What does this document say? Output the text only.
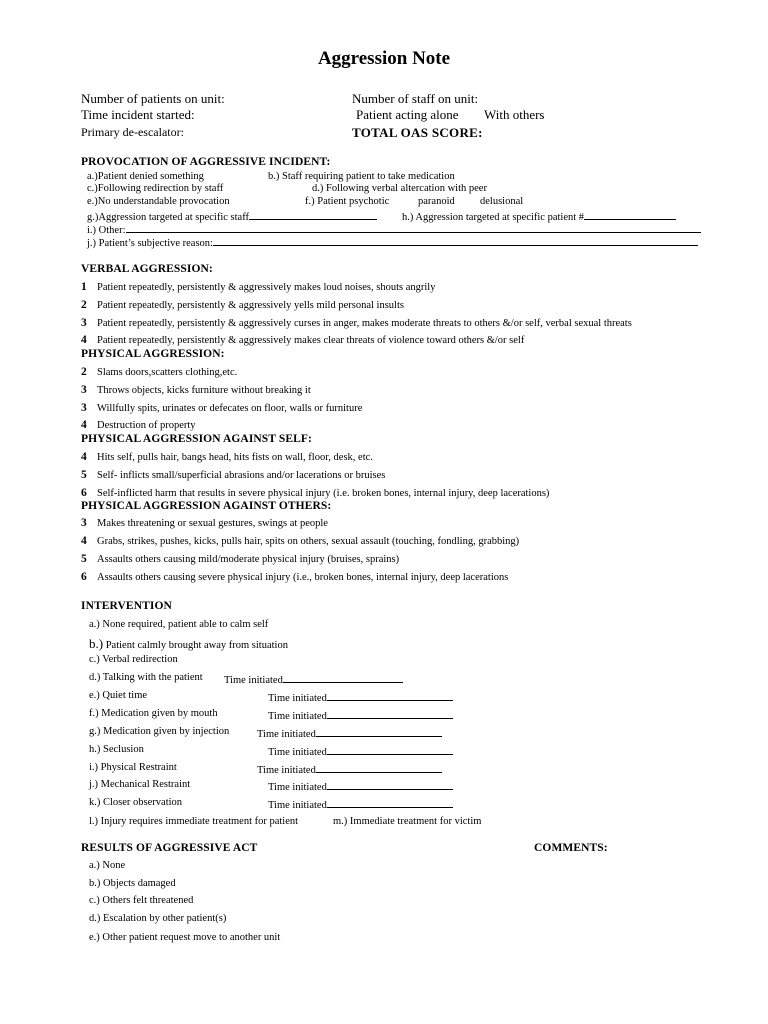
Aggression Note
Number of patients on unit:	Number of staff on unit:
Time incident started:	Patient acting alone With others
Primary de-escalator:	TOTAL OAS SCORE:
PROVOCATION OF AGGRESSIVE INCIDENT:
a.)Patient denied something	b.) Staff requiring patient to take medication
c.)Following redirection by staff	d.) Following verbal altercation with peer
e.)No understandable provocation	f.) Patient psychotic	paranoid delusional
g.)Aggression targeted at specific staff	h.) Aggression targeted at specific patient #
i.) Other:
j.) Patient’s subjective reason:
VERBAL AGGRESSION:
1 Patient repeatedly, persistently & aggressively makes loud noises, shouts angrily
2 Patient repeatedly, persistently & aggressively yells mild personal insults
3 Patient repeatedly, persistently & aggressively curses in anger, makes moderate threats to others &/or self, verbal sexual threats
4 Patient repeatedly, persistently & aggressively makes clear threats of violence toward others &/or self
PHYSICAL AGGRESSION:
2 Slams doors,scatters clothing,etc.
3 Throws objects, kicks furniture without breaking it
3 Willfully spits, urinates or defecates on floor, walls or furniture
4 Destruction of property
PHYSICAL AGGRESSION AGAINST SELF:
4 Hits self, pulls hair, bangs head, hits fists on wall, floor, desk, etc.
5 Self- inflicts small/superficial abrasions and/or lacerations or bruises
6 Self-inflicted harm that results in severe physical injury (i.e. broken bones, internal injury, deep lacerations)
PHYSICAL AGGRESSION AGAINST OTHERS:
3 Makes threatening or sexual gestures, swings at people
4 Grabs, strikes, pushes, kicks, pulls hair, spits on others, sexual assault (touching, fondling, grabbing)
5 Assaults others causing mild/moderate physical injury (bruises, sprains)
6 Assaults others causing severe physical injury (i.e., broken bones, internal injury, deep lacerations
INTERVENTION
a.) None required, patient able to calm self
b.) Patient calmly brought away from situation
c.) Verbal redirection
d.) Talking with the patient Time initiated
e.) Quiet time	Time initiated
f.) Medication given by mouth	Time initiated
g.) Medication given by injection	Time initiated
h.) Seclusion	Time initiated
i.) Physical Restraint	Time initiated
j.) Mechanical Restraint	Time initiated
k.) Closer observation	Time initiated
l.) Injury requires immediate treatment for patient	m.) Immediate treatment for victim
RESULTS OF AGGRESSIVE ACT	COMMENTS:
a.) None
b.) Objects damaged
c.) Others felt threatened
d.) Escalation by other patient(s)
e.) Other patient request move to another unit
